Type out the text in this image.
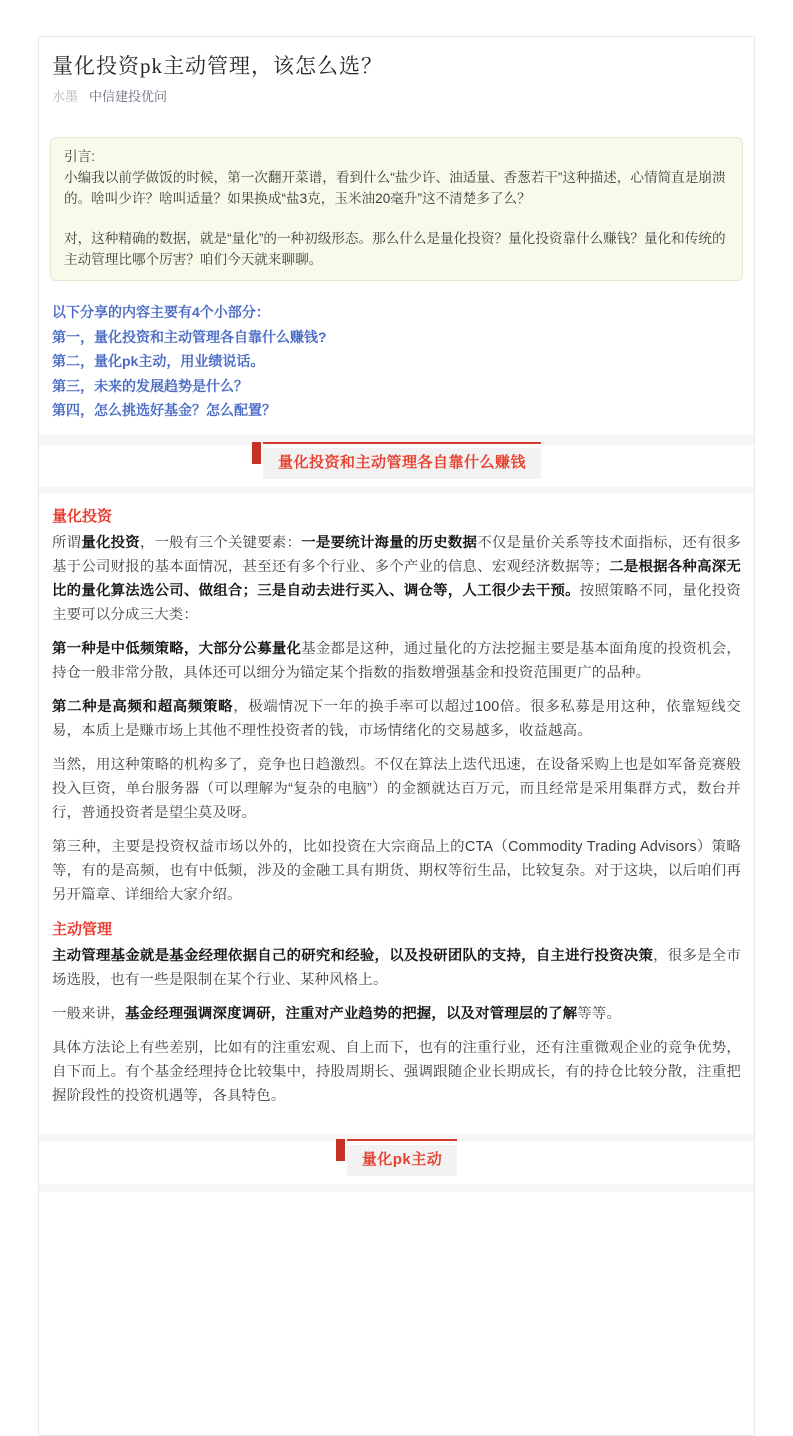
量化投资pk主动管理，该怎么选？
水墨 中信建投优问
引言:
小编我以前学做饭的时候，第一次翻开菜谱，看到什么“盐少许、油适量、香葱若干”这种描述，心情简直是崩溃的。啥叫少许？啥叫适量？如果换成“盐3克，玉米油20毫升”这不清楚多了么？
对，这种精确的数据，就是“量化”的一种初级形态。那么什么是量化投资？量化投资靠什么赚钱？量化和传统的主动管理比哪个厉害？咱们今天就来聊聊。
以下分享的内容主要有4个小部分：
第一，量化投资和主动管理各自靠什么赚钱?
第二，量化pk主动，用业绩说话。
第三，未来的发展趋势是什么？
第四，怎么挑选好基金？怎么配置？
量化投资和主动管理各自靠什么赚钱
量化投资
所谓量化投资，一般有三个关键要素：一是要统计海量的历史数据不仅是量价关系等技术面指标，还有很多基于公司财报的基本面情况，甚至还有多个行业、多个产业的信息、宏观经济数据等；二是根据各种高深无比的量化算法选公司、做组合；三是自动去进行买入、调仓等，人工很少去干预。按照策略不同，量化投资主要可以分成三大类：
第一种是中低频策略，大部分公募量化基金都是这种，通过量化的方法挖掘主要是基本面角度的投资机会，持仓一般非常分散，具体还可以细分为锚定某个指数的指数增强基金和投资范围更广的品种。
第二种是高频和超高频策略，极端情况下一年的换手率可以超过100倍。很多私募是用这种，依靠短线交易，本质上是赚市场上其他不理性投资者的钱，市场情绪化的交易越多，收益越高。
当然，用这种策略的机构多了，竞争也日趋激烈。不仅在算法上迭代迅速，在设备采购上也是如军备竞赛般投入巨资，单台服务器（可以理解为“复杂的电脑”）的金额就达百万元，而且经常是采用集群方式，数台并行，普通投资者是望尘莫及呀。
第三种，主要是投资权益市场以外的，比如投资在大宗商品上的CTA（Commodity Trading Advisors）策略等，有的是高频，也有中低频，涉及的金融工具有期货、期权等衍生品，比较复杂。对于这块，以后咱们再另开篇章、详细给大家介绍。
主动管理
主动管理基金就是基金经理依据自己的研究和经验，以及投研团队的支持，自主进行投资决策，很多是全市场选股，也有一些是限制在某个行业、某种风格上。
一般来讲，基金经理强调深度调研，注重对产业趋势的把握，以及对管理层的了解等等。
具体方法论上有些差别，比如有的注重宏观、自上而下，也有的注重行业，还有注重微观企业的竞争优势，自下而上。有个基金经理持仓比较集中，持股周期长、强调跟随企业长期成长，有的持仓比较分散，注重把握阶段性的投资机遇等，各具特色。
量化pk主动
